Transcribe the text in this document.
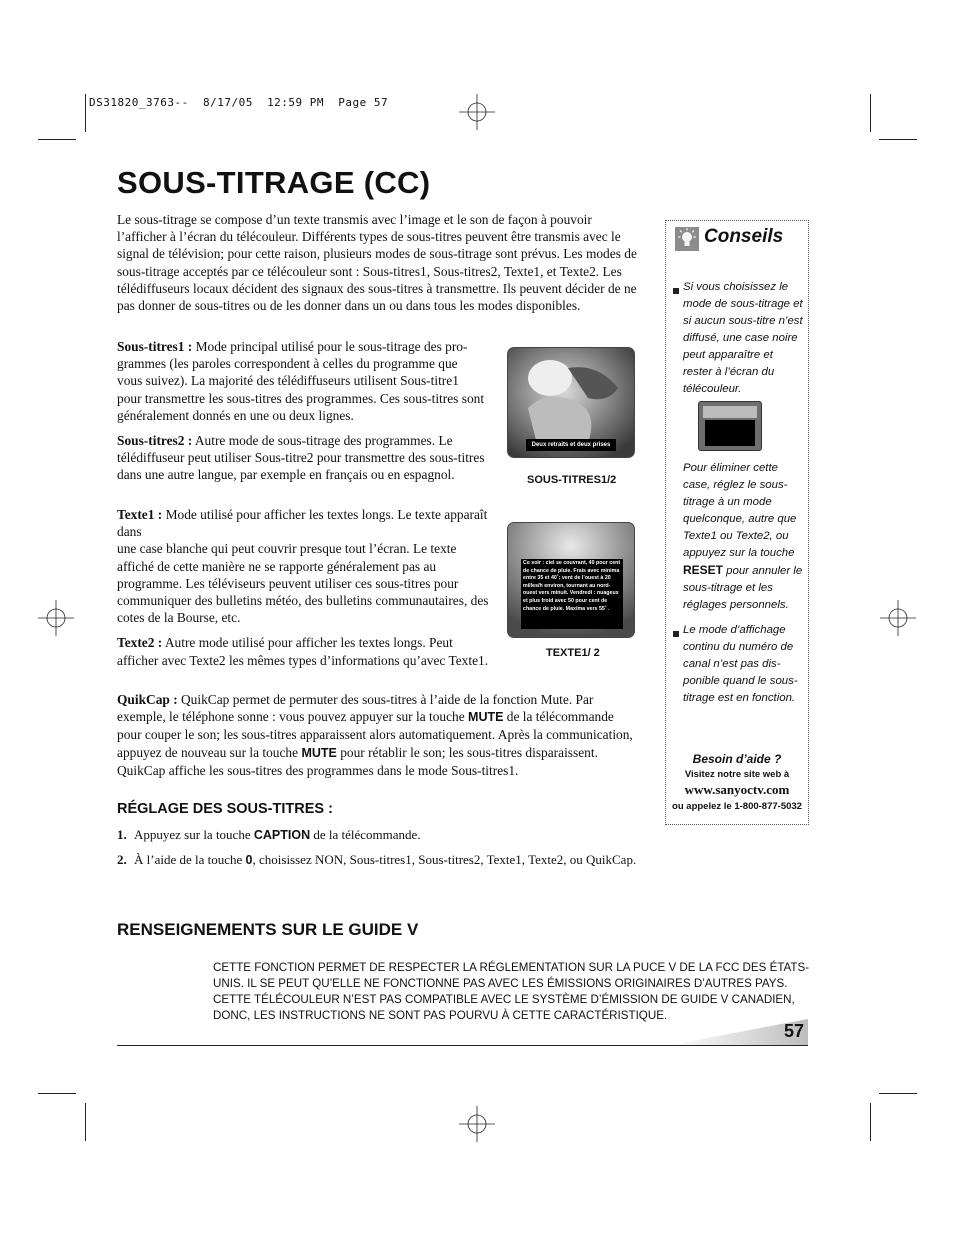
DS31820_3763--  8/17/05  12:59 PM  Page 57
SOUS-TITRAGE (CC)

Le sous-titrage se compose d’un texte transmis avec l’image et le son de façon à pouvoir l’afficher à l’écran du télécouleur. Différents types de sous-titres peuvent être transmis avec le signal de télévision; pour cette raison, plusieurs modes de sous-titrage sont prévus. Les modes de sous-titrage acceptés par ce télécouleur sont : Sous-titres1, Sous-titres2, Texte1, et Texte2. Les télédiffuseurs locaux décident des signaux des sous-titres à transmettre. Ils peuvent décider de ne pas donner de sous-titres ou de les donner dans un ou dans tous les modes disponibles.

Sous-titres1 : Mode principal utilisé pour le sous-titrage des programmes (les paroles correspondent à celles du programme que vous suivez). La majorité des télédiffuseurs utilisent Sous-titre1 pour transmettre les sous-titres des programmes. Ces sous-titres sont généralement donnés en une ou deux lignes.

Sous-titres2 : Autre mode de sous-titrage des programmes. Le télédiffuseur peut utiliser Sous-titre2 pour transmettre des sous-titres dans une autre langue, par exemple en français ou en espagnol.

Texte1 : Mode utilisé pour afficher les textes longs. Le texte apparaît dans
une case blanche qui peut couvrir presque tout l’écran. Le texte affiché de cette manière ne se rapporte généralement pas au programme. Les téléviseurs peuvent utiliser ces sous-titres pour communiquer des bulletins météo, des bulletins communautaires, des cotes de la Bourse, etc.

Texte2 : Autre mode utilisé pour afficher les textes longs. Peut afficher avec Texte2 les mêmes types d’informations qu’avec Texte1.

QuikCap : QuikCap permet de permuter des sous-titres à l’aide de la fonction Mute. Par exemple, le téléphone sonne : vous pouvez appuyer sur la touche MUTE de la télécommande pour couper le son; les sous-titres apparaissent alors automatiquement. Après la communication, appuyez de nouveau sur la touche MUTE pour rétablir le son; les sous-titres disparaissent. QuikCap affiche les sous-titres des programmes dans le mode Sous-titres1.

Deux retraits et deux prises
SOUS-TITRES1/2
Ce soir : ciel se couvrant, 40 pour cent de chance de pluie. Frais avec minima entre 35 et 40˚; vent de l’ouest à 20 milles/h environ, tournant au nord-ouest vers minuit. Vendredi : nuageux et plus froid avec 50 pour cent de chance de pluie. Maxima vers 55˚ .
TEXTE1/ 2
RÉGLAGE DES SOUS-TITRES :
1. Appuyez sur la touche CAPTION de la télécommande.
2. À l’aide de la touche 0, choisissez NON, Sous-titres1, Sous-titres2, Texte1, Texte2, ou QuikCap.
Conseils
Si vous choisissez le mode de sous-titrage et si aucun sous-titre n’est diffusé, une case noire peut apparaître et rester à l’écran du télécouleur.
Pour éliminer cette case, réglez le sous-titrage à un mode quelconque, autre que Texte1 ou Texte2, ou appuyez sur la touche RESET pour annuler le sous-titrage et les réglages personnels.
Le mode d’affichage continu du numéro de canal n’est pas disponible quand le sous-titrage est en fonction.
Besoin d’aide ?
Visitez notre site web à
www.sanyoctv.com
ou appelez le 1-800-877-5032
RENSEIGNEMENTS SUR LE GUIDE V
CETTE FONCTION PERMET DE RESPECTER LA RÉGLEMENTATION SUR LA PUCE V DE LA FCC DES ÉTATS-UNIS. IL SE PEUT QU’ELLE NE FONCTIONNE PAS AVEC LES ÉMISSIONS ORIGINAIRES D’AUTRES PAYS. CETTE TÉLÉCOULEUR N’EST PAS COMPATIBLE AVEC LE SYSTÈME D’ÉMISSION DE GUIDE V CANADIEN, DONC, LES INSTRUCTIONS NE SONT PAS POURVU À CETTE CARACTÉRISTIQUE.
57
